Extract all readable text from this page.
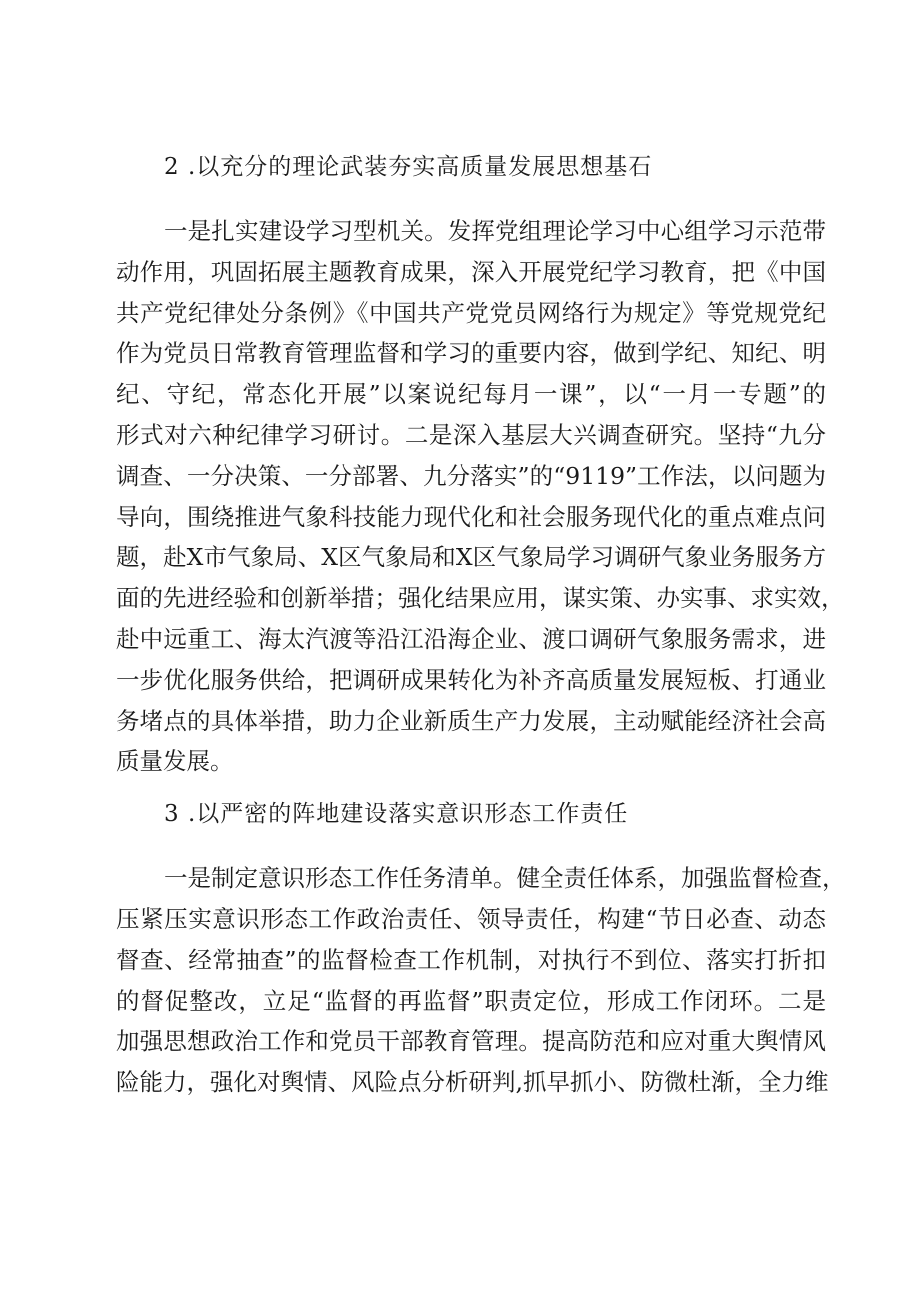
2 .以充分的理论武装夯实高质量发展思想基石
一是扎实建设学习型机关。发挥党组理论学习中心组学习示范带
动作用，巩固拓展主题教育成果，深入开展党纪学习教育，把《中国
共产党纪律处分条例》《中国共产党党员网络行为规定》等党规党纪
作为党员日常教育管理监督和学习的重要内容，做到学纪、知纪、明
纪、守纪，常态化开展”以案说纪每月一课”，以“一月一专题”的
形式对六种纪律学习研讨。二是深入基层大兴调查研究。坚持“九分
调查、一分决策、一分部署、九分落实”的“9119”工作法，以问题为
导向，围绕推进气象科技能力现代化和社会服务现代化的重点难点问
题，赴X市气象局、X区气象局和X区气象局学习调研气象业务服务方
面的先进经验和创新举措；强化结果应用，谋实策、办实事、求实效，
赴中远重工、海太汽渡等沿江沿海企业、渡口调研气象服务需求，进
一步优化服务供给，把调研成果转化为补齐高质量发展短板、打通业
务堵点的具体举措，助力企业新质生产力发展，主动赋能经济社会高
质量发展。
3 .以严密的阵地建设落实意识形态工作责任
一是制定意识形态工作任务清单。健全责任体系，加强监督检查，
压紧压实意识形态工作政治责任、领导责任，构建“节日必查、动态
督查、经常抽查”的监督检查工作机制，对执行不到位、落实打折扣
的督促整改，立足“监督的再监督”职责定位，形成工作闭环。二是
加强思想政治工作和党员干部教育管理。提高防范和应对重大舆情风
险能力，强化对舆情、风险点分析研判,抓早抓小、防微杜渐，全力维
